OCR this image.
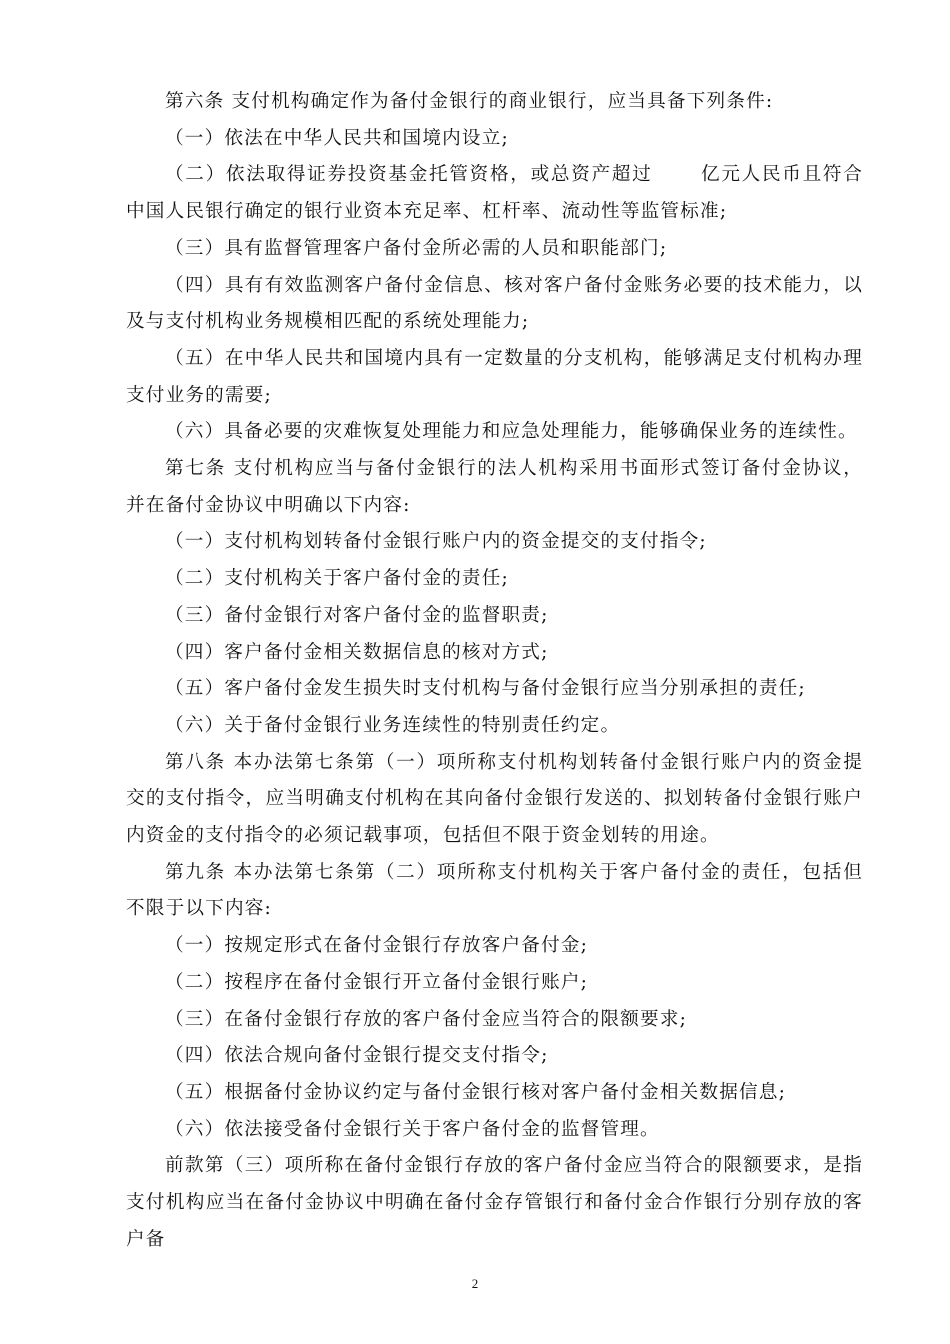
第六条 支付机构确定作为备付金银行的商业银行，应当具备下列条件:

（一）依法在中华人民共和国境内设立;

（二）依法取得证券投资基金托管资格，或总资产超过	亿元人民币且符合中国人民银行确定的银行业资本充足率、杠杆率、流动性等监管标准;

（三）具有监督管理客户备付金所必需的人员和职能部门;

（四）具有有效监测客户备付金信息、核对客户备付金账务必要的技术能力，以及与支付机构业务规模相匹配的系统处理能力;

（五）在中华人民共和国境内具有一定数量的分支机构，能够满足支付机构办理支付业务的需要;

（六）具备必要的灾难恢复处理能力和应急处理能力，能够确保业务的连续性。

第七条 支付机构应当与备付金银行的法人机构采用书面形式签订备付金协议，并在备付金协议中明确以下内容:

（一）支付机构划转备付金银行账户内的资金提交的支付指令;

（二）支付机构关于客户备付金的责任;

（三）备付金银行对客户备付金的监督职责;

（四）客户备付金相关数据信息的核对方式;

（五）客户备付金发生损失时支付机构与备付金银行应当分别承担的责任;

（六）关于备付金银行业务连续性的特别责任约定。

第八条 本办法第七条第（一）项所称支付机构划转备付金银行账户内的资金提交的支付指令，应当明确支付机构在其向备付金银行发送的、拟划转备付金银行账户内资金的支付指令的必须记载事项，包括但不限于资金划转的用途。

第九条 本办法第七条第（二）项所称支付机构关于客户备付金的责任，包括但不限于以下内容:

（一）按规定形式在备付金银行存放客户备付金;

（二）按程序在备付金银行开立备付金银行账户;

（三）在备付金银行存放的客户备付金应当符合的限额要求;

（四）依法合规向备付金银行提交支付指令;

（五）根据备付金协议约定与备付金银行核对客户备付金相关数据信息;

（六）依法接受备付金银行关于客户备付金的监督管理。

前款第（三）项所称在备付金银行存放的客户备付金应当符合的限额要求，是指支付机构应当在备付金协议中明确在备付金存管银行和备付金合作银行分别存放的客户备

2
